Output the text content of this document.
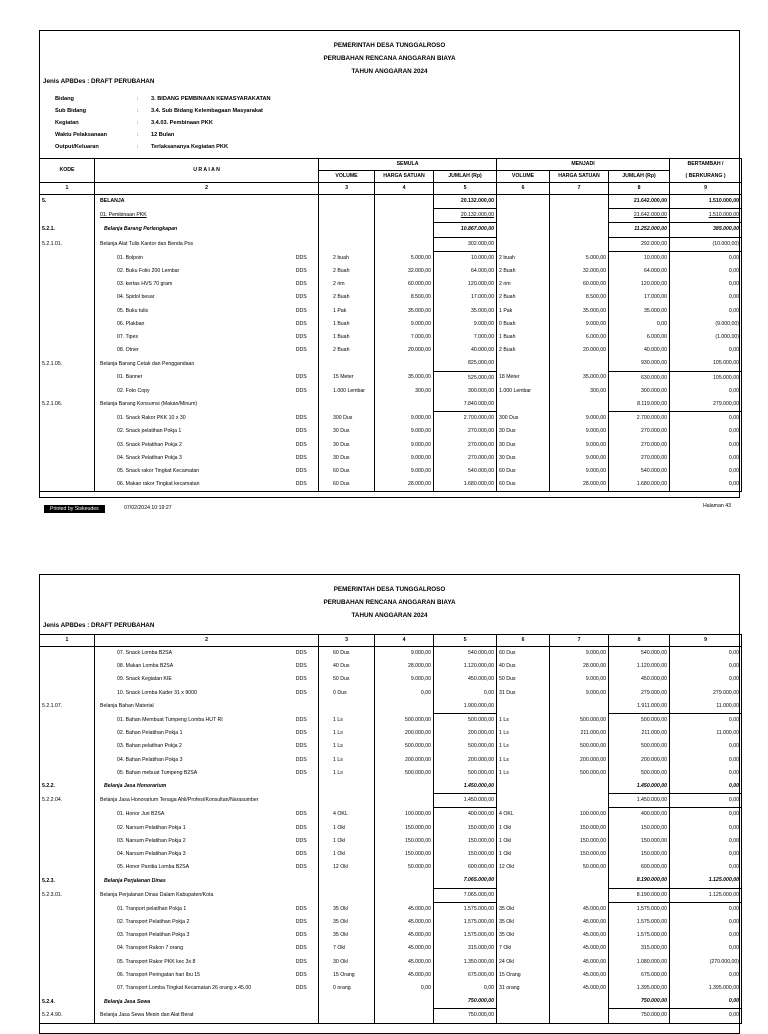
PEMERINTAH DESA TUNGGALROSO
PERUBAHAN RENCANA ANGGARAN BIAYA
TAHUN ANGGARAN 2024
Jenis APBDes : DRAFT PERUBAHAN
Bidang	: 3. BIDANG PEMBINAAN KEMASYARAKATAN
Sub Bidang	: 3.4. Sub Bidang Kelembagaan Masyarakat
Kegiatan	: 3.4.03. Pembinaan PKK
Waktu Pelaksanaan	: 12 Bulan
Output/Keluaran	: Terlaksananya Kegiatan PKK
KODE	U R A I A N		SEMULA			MENJADI			BERTAMBAH /
			VOLUME	HARGA SATUAN	JUMLAH (Rp)	VOLUME	HARGA SATUAN	JUMLAH (Rp)	( BERKURANG )
1	2		3	4	5	6	7	8	9
5.	BELANJA				20.132.000,00			21.642.000,00	1.510.000,00
	01. Pembinaan PKK				20.132.000,00			21.642.000,00	1.510.000,00
5.2.1.	Belanja Barang Perlengkapan				10.867.000,00			11.252.000,00	385.000,00
5.2.1.01.	Belanja Alat Tulis Kantor dan Benda Pos				302.000,00			292.000,00	(10.000,00)
	01. Bolpoin	DDS	2 buah	5.000,00	10.000,00	2 buah	5.000,00	10.000,00	0,00
	02. Buku Folio 200 Lembar	DDS	2 Buah	32.000,00	64.000,00	2 Buah	32.000,00	64.000,00	0,00
	03. kertas HVS 70 gram	DDS	2 rim	60.000,00	120.000,00	2 rim	60.000,00	120.000,00	0,00
	04. Spidol besar	DDS	2 Buah	8.500,00	17.000,00	2 Buah	8.500,00	17.000,00	0,00
	05. Buku tulis	DDS	1 Pak	35.000,00	35.000,00	1 Pak	35.000,00	35.000,00	0,00
	06. Plakban	DDS	1 Buah	9.000,00	9.000,00	0 Buah	9.000,00	0,00	(9.000,00)
	07. Tipex	DDS	1 Buah	7.000,00	7.000,00	1 Buah	6.000,00	6.000,00	(1.000,00)
	08. Otner	DDS	2 Buah	20.000,00	40.000,00	2 Buah	20.000,00	40.000,00	0,00
5.2.1.05.	Belanja Barang Cetak dan Penggandaan				825.000,00			930.000,00	105.000,00
	01. Banner	DDS	15 Meter	35.000,00	525.000,00	18 Meter	35.000,00	630.000,00	105.000,00
	02. Foto Copy	DDS	1.000 Lembar	300,00	300.000,00	1.000 Lembar	300,00	300.000,00	0,00
5.2.1.06.	Belanja Barang Konsumsi (Makan/Minum)				7.840.000,00			8.119.000,00	279.000,00
	01. Snack Rakor PKK 10 x 30	DDS	300 Dus	9.000,00	2.700.000,00	300 Dus	9.000,00	2.700.000,00	0,00
	02. Snack pelatihan Pokja 1	DDS	30 Dus	9.000,00	270.000,00	30 Dus	9.000,00	270.000,00	0,00
	03. Snack Pelatihan Pokja 2	DDS	30 Dus	9.000,00	270.000,00	30 Dus	9.000,00	270.000,00	0,00
	04. Snack Pelatihan Pokja 3	DDS	30 Dus	9.000,00	270.000,00	30 Dus	9.000,00	270.000,00	0,00
	05. Snack rakor Tingkat Kecamatan	DDS	60 Dus	9.000,00	540.000,00	60 Dus	9.000,00	540.000,00	0,00
	06. Makan rakor Tingkat kecamatan	DDS	60 Dus	28.000,00	1.680.000,00	60 Dus	28.000,00	1.680.000,00	0,00
Printed by Siskeudes	07/02/2024 10:19:27	Halaman 43
PEMERINTAH DESA TUNGGALROSO
PERUBAHAN RENCANA ANGGARAN BIAYA
TAHUN ANGGARAN 2024
Jenis APBDes : DRAFT PERUBAHAN
1	2		3	4	5	6	7	8	9
	07. Snack Lomba B2SA	DDS	60 Dus	9.000,00	540.000,00	60 Dus	9.000,00	540.000,00	0,00
	08. Makan Lomba B2SA	DDS	40 Dus	28.000,00	1.120.000,00	40 Dus	28.000,00	1.120.000,00	0,00
	09. Snack Kegiatan KIE	DDS	50 Dus	9.000,00	450.000,00	50 Dus	9.000,00	450.000,00	0,00
	10. Snack Lomba Kader 31 x 9000	DDS	0 Dus	0,00	0,00	31 Dus	9.000,00	279.000,00	279.000,00
5.2.1.07.	Belanja Bahan Material				1.900.000,00			1.911.000,00	11.000,00
	01. Bahan Membuat Tumpeng Lomba HUT RI	DDS	1 Ls	500.000,00	500.000,00	1 Ls	500.000,00	500.000,00	0,00
	02. Bahan Pelatihan Pokja 1	DDS	1 Ls	200.000,00	200.000,00	1 Ls	211.000,00	211.000,00	11.000,00
	03. Bahan pelatihan Pokja 2	DDS	1 Ls	500.000,00	500.000,00	1 Ls	500.000,00	500.000,00	0,00
	04. Bahan Pelatihan Pokja 3	DDS	1 Ls	200.000,00	200.000,00	1 Ls	200.000,00	200.000,00	0,00
	05. Bahan mebuat Tumpeng B2SA	DDS	1 Ls	500.000,00	500.000,00	1 Ls	500.000,00	500.000,00	0,00
5.2.2.	Belanja Jasa Honorarium				1.450.000,00			1.450.000,00	0,00
5.2.2.04.	Belanja Jasa Honorarium Tenaga Ahli/Profesi/Konsultan/Narasumber				1.450.000,00			1.450.000,00	0,00
	01. Honor Juri B2SA	DDS	4 OKL	100.000,00	400.000,00	4 OKL	100.000,00	400.000,00	0,00
	02. Narsum Pelatihan Pokja 1	DDS	1 Okl	150.000,00	150.000,00	1 Okl	150.000,00	150.000,00	0,00
	03. Narsum Pelatihan Pokja 2	DDS	1 Okl	150.000,00	150.000,00	1 Okl	150.000,00	150.000,00	0,00
	04. Narsum Pelatihan Pokja 3	DDS	1 Okl	150.000,00	150.000,00	1 Okl	150.000,00	150.000,00	0,00
	05. Honor Panitia Lomba B2SA	DDS	12 Okl	50.000,00	600.000,00	12 Okl	50.000,00	600.000,00	0,00
5.2.3.	Belanja Perjalanan Dinas				7.065.000,00			8.190.000,00	1.125.000,00
5.2.3.01.	Belanja Perjalanan Dinas Dalam Kabupaten/Kota				7.065.000,00			8.190.000,00	1.125.000,00
	01. Tranport pelatihan Pokja 1	DDS	35 Okl	45.000,00	1.575.000,00	35 Okl	45.000,00	1.575.000,00	0,00
	02. Transport Pelatihan Pokja 2	DDS	35 Okl	45.000,00	1.575.000,00	35 Okl	45.000,00	1.575.000,00	0,00
	03. Transport Pelatihan Pokja 3	DDS	35 Okl	45.000,00	1.575.000,00	35 Okl	45.000,00	1.575.000,00	0,00
	04. Transport Rakon 7 orang	DDS	7 Okl	45.000,00	315.000,00	7 Okl	45.000,00	315.000,00	0,00
	05. Transport Rakor PKK kec 3x 8	DDS	30 Okl	45.000,00	1.350.000,00	24 Okl	45.000,00	1.080.000,00	(270.000,00)
	06. Transport Peringatan hari Ibu 15	DDS	15 Orang	45.000,00	675.000,00	15 Orang	45.000,00	675.000,00	0,00
	07. Transport Lomba Tingkat Kecamatan 26 orang x 45.00	DDS	0 orang	0,00	0,00	31 orang	45.000,00	1.395.000,00	1.395.000,00
5.2.4.	Belanja Jasa Sewa				750.000,00			750.000,00	0,00
5.2.4.90.	Belanja Jasa Sewa Mesin dan Alat Berat				750.000,00			750.000,00	0,00
